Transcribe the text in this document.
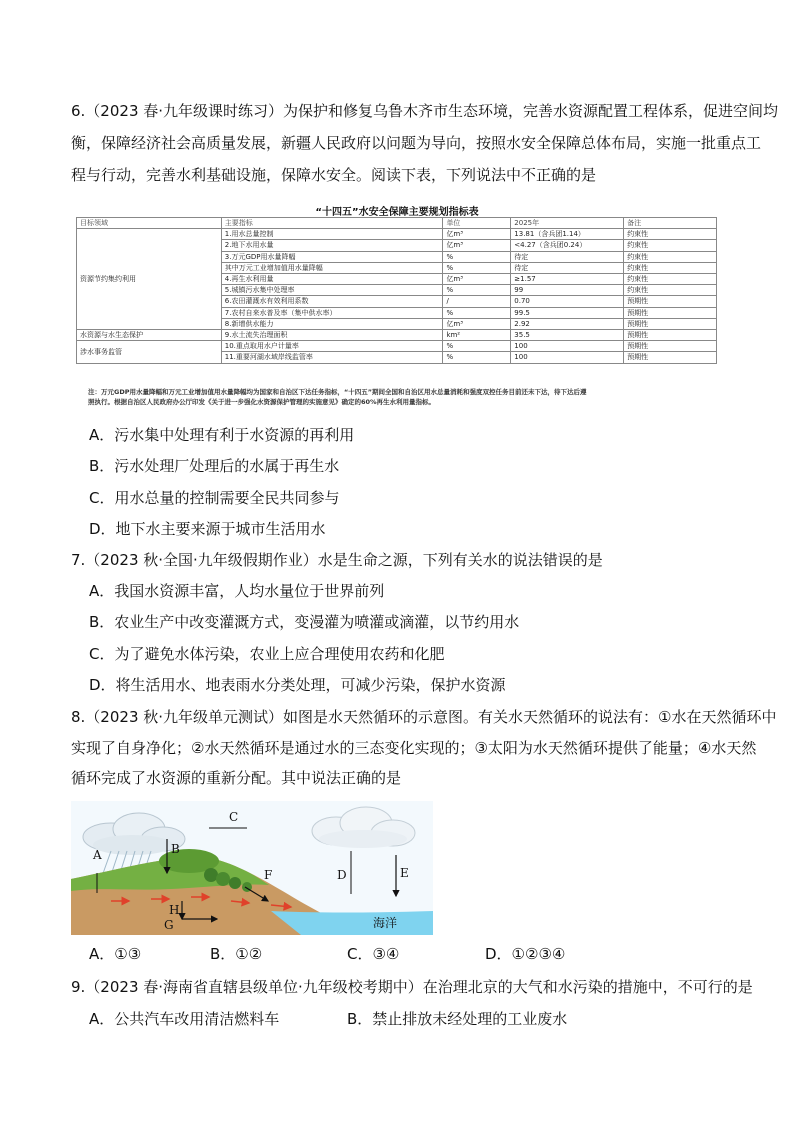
6.（2023 春·九年级课时练习）为保护和修复乌鲁木齐市生态环境，完善水资源配置工程体系，促进空间均
衡，保障经济社会高质量发展，新疆人民政府以问题为导向，按照水安全保障总体布局，实施一批重点工
程与行动，完善水利基础设施，保障水安全。阅读下表，下列说法中不正确的是
“十四五”水安全保障主要规划指标表
目标领域	主要指标	单位	2025年	备注
资源节约集约利用	1.用水总量控制	亿m³	13.81（含兵团1.14）	约束性
	2.地下水用水量	亿m³	<4.27（含兵团0.24）	约束性
	3.万元GDP用水量降幅	%	待定	约束性
	其中万元工业增加值用水量降幅	%	待定	约束性
	4.再生水利用量	亿m³	≥1.57	约束性
	5.城镇污水集中处理率	%	99	约束性
	6.农田灌溉水有效利用系数	/	0.70	预期性
	7.农村自来水普及率（集中供水率）	%	99.5	预期性
	8.新增供水能力	亿m³	2.92	预期性
水资源与水生态保护	9.水土流失治理面积	km²	35.5	预期性
涉水事务监管	10.重点取用水户计量率	%	100	预期性
	11.重要河湖水域岸线监管率	%	100	预期性
注：万元GDP用水量降幅和万元工业增加值用水量降幅均为国家和自治区下达任务指标，“十四五”期间全国和自治区用水总量消耗和强度双控任务目前还未下达，待下达后遵
照执行。根据自治区人民政府办公厅印发《关于进一步强化水资源保护管理的实施意见》确定的60%再生水利用量指标。
A．污水集中处理有利于水资源的再利用
B．污水处理厂处理后的水属于再生水
C．用水总量的控制需要全民共同参与
D．地下水主要来源于城市生活用水
7.（2023 秋·全国·九年级假期作业）水是生命之源，下列有关水的说法错误的是
A．我国水资源丰富，人均水量位于世界前列
B．农业生产中改变灌溉方式，变漫灌为喷灌或滴灌，以节约用水
C．为了避免水体污染，农业上应合理使用农药和化肥
D．将生活用水、地表雨水分类处理，可减少污染，保护水资源
8.（2023 秋·九年级单元测试）如图是水天然循环的示意图。有关水天然循环的说法有：①水在天然循环中
实现了自身净化；②水天然循环是通过水的三态变化实现的；③太阳为水天然循环提供了能量；④水天然
循环完成了水资源的重新分配。其中说法正确的是
C
A	B
F
H
G
D	E
海洋
A．①③	B．①②	C．③④	D．①②③④
9.（2023 春·海南省直辖县级单位·九年级校考期中）在治理北京的大气和水污染的措施中，不可行的是
A．公共汽车改用清洁燃料车	B．禁止排放未经处理的工业废水
